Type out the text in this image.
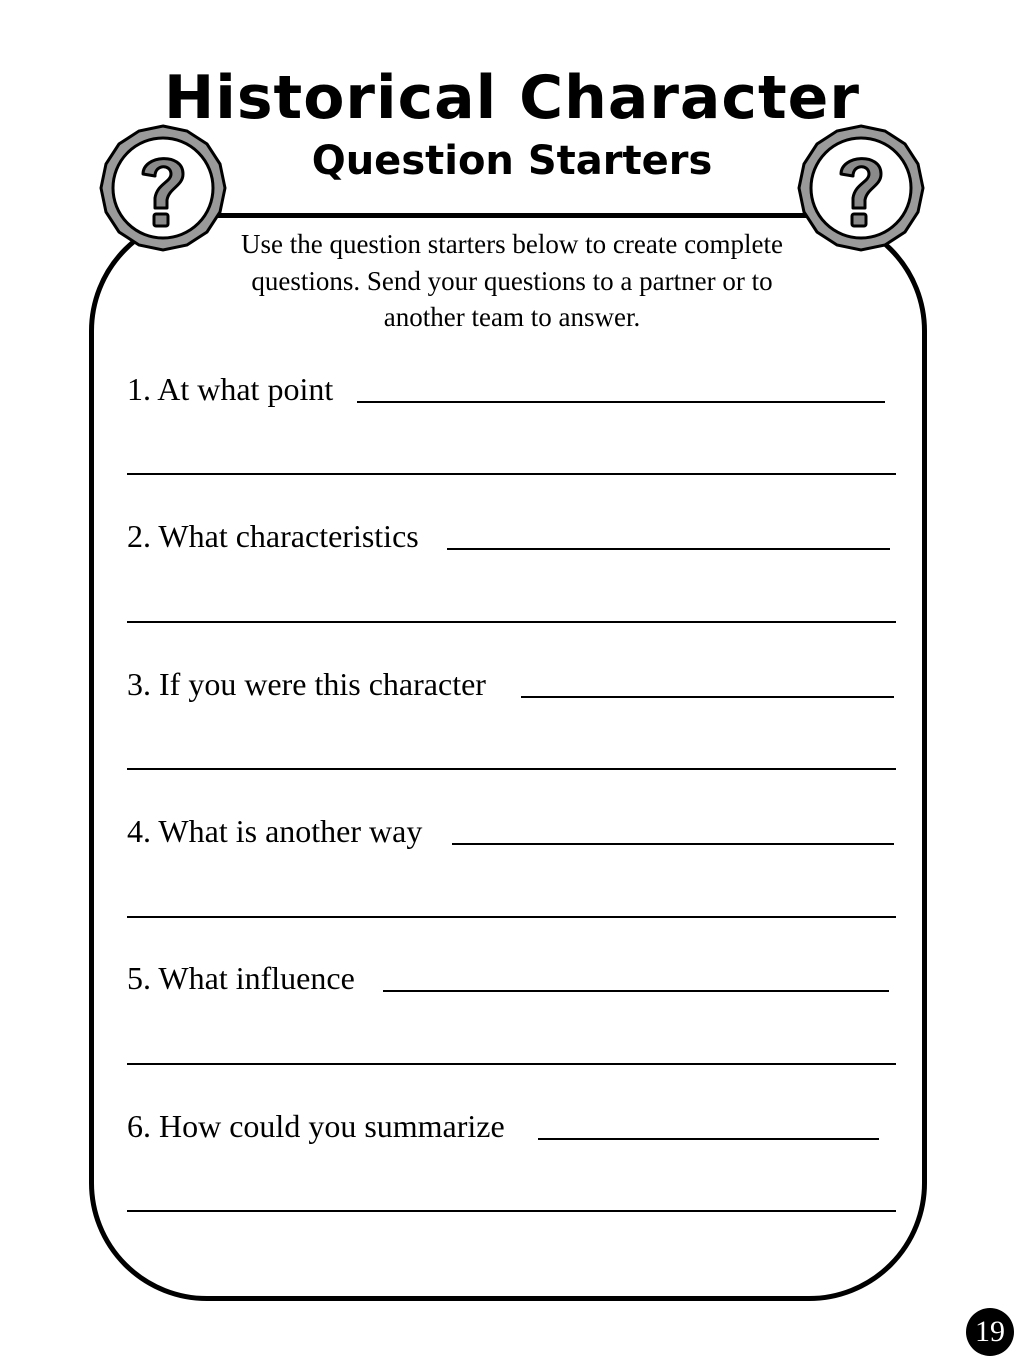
Historical Character
Question Starters
Use the question starters below to create complete questions. Send your questions to a partner or to another team to answer.
1. At what point
2. What characteristics
3. If you were this character
4. What is another way
5. What influence
6. How could you summarize
19
